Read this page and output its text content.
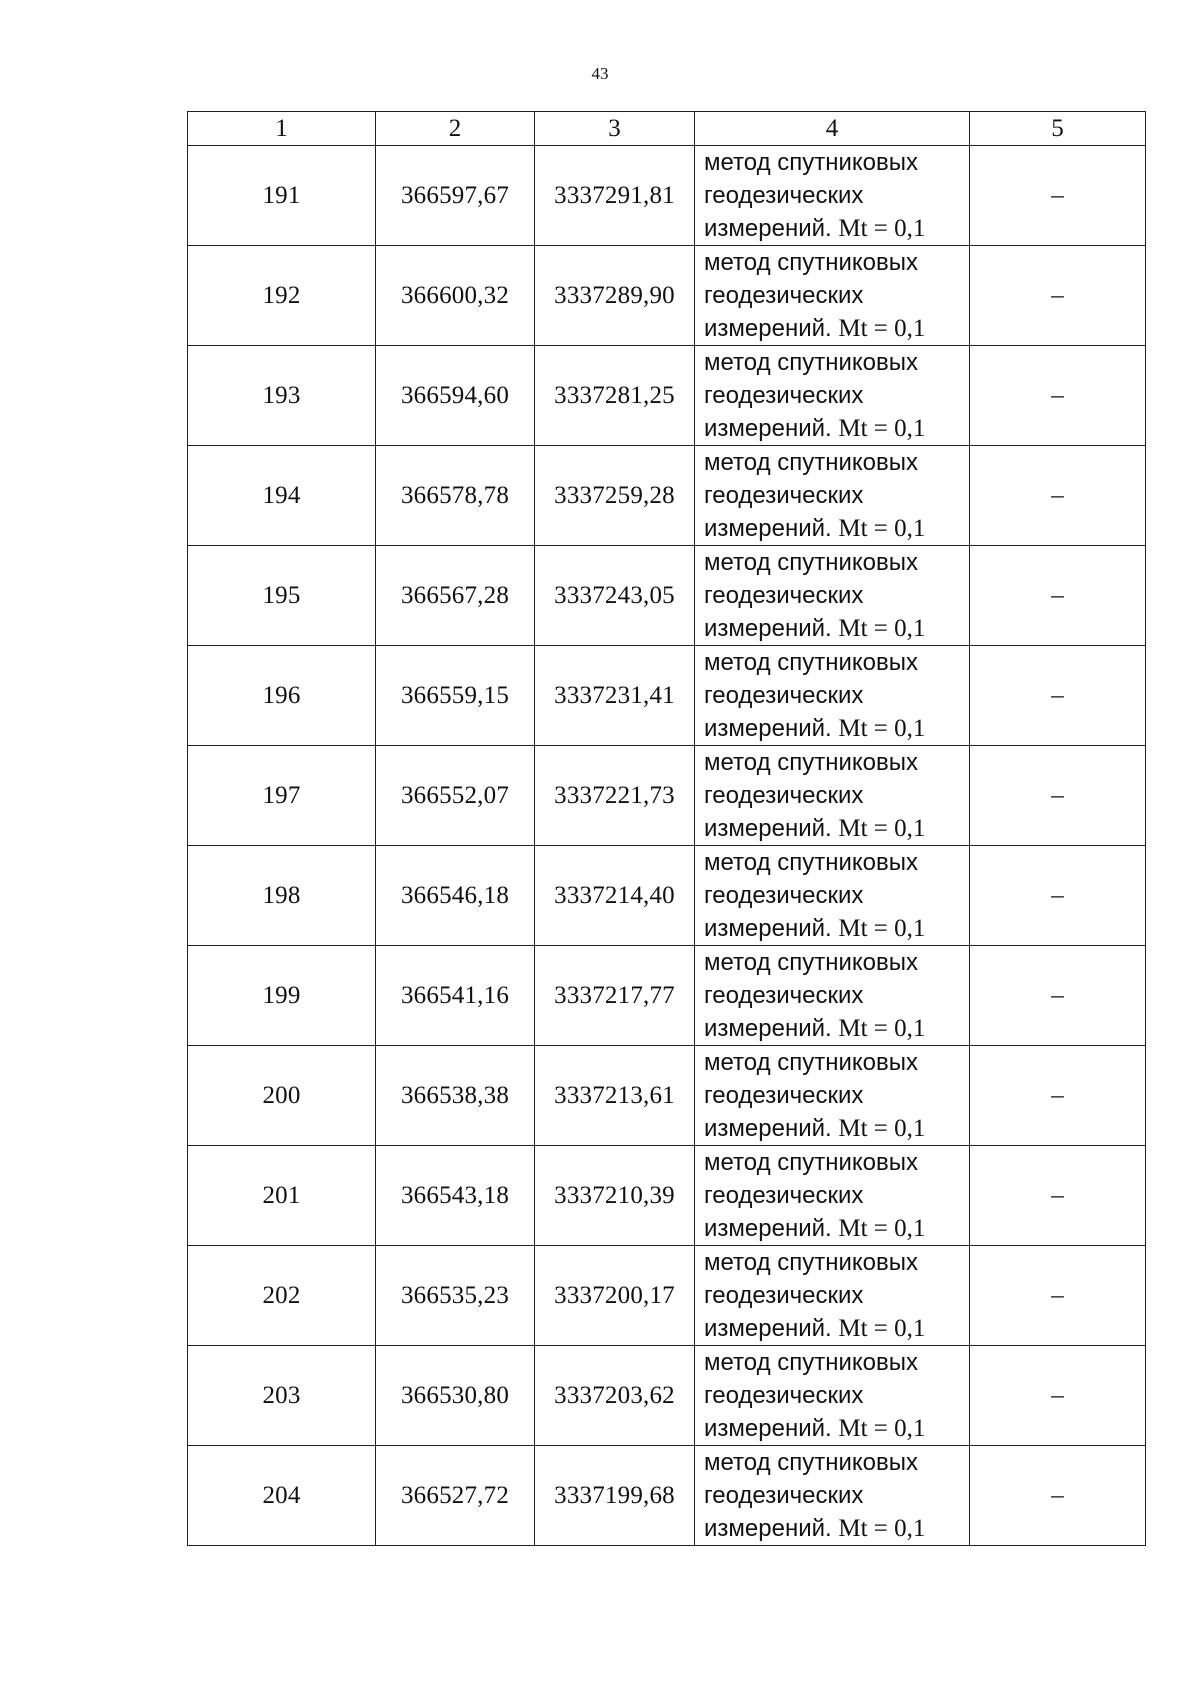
43
1	2	3	4	5
191	366597,67	3337291,81	метод спутниковых
геодезических
измерений. Mt = 0,1	–
192	366600,32	3337289,90	метод спутниковых
геодезических
измерений. Mt = 0,1	–
193	366594,60	3337281,25	метод спутниковых
геодезических
измерений. Mt = 0,1	–
194	366578,78	3337259,28	метод спутниковых
геодезических
измерений. Mt = 0,1	–
195	366567,28	3337243,05	метод спутниковых
геодезических
измерений. Mt = 0,1	–
196	366559,15	3337231,41	метод спутниковых
геодезических
измерений. Mt = 0,1	–
197	366552,07	3337221,73	метод спутниковых
геодезических
измерений. Mt = 0,1	–
198	366546,18	3337214,40	метод спутниковых
геодезических
измерений. Mt = 0,1	–
199	366541,16	3337217,77	метод спутниковых
геодезических
измерений. Mt = 0,1	–
200	366538,38	3337213,61	метод спутниковых
геодезических
измерений. Mt = 0,1	–
201	366543,18	3337210,39	метод спутниковых
геодезических
измерений. Mt = 0,1	–
202	366535,23	3337200,17	метод спутниковых
геодезических
измерений. Mt = 0,1	–
203	366530,80	3337203,62	метод спутниковых
геодезических
измерений. Mt = 0,1	–
204	366527,72	3337199,68	метод спутниковых
геодезических
измерений. Mt = 0,1	–
